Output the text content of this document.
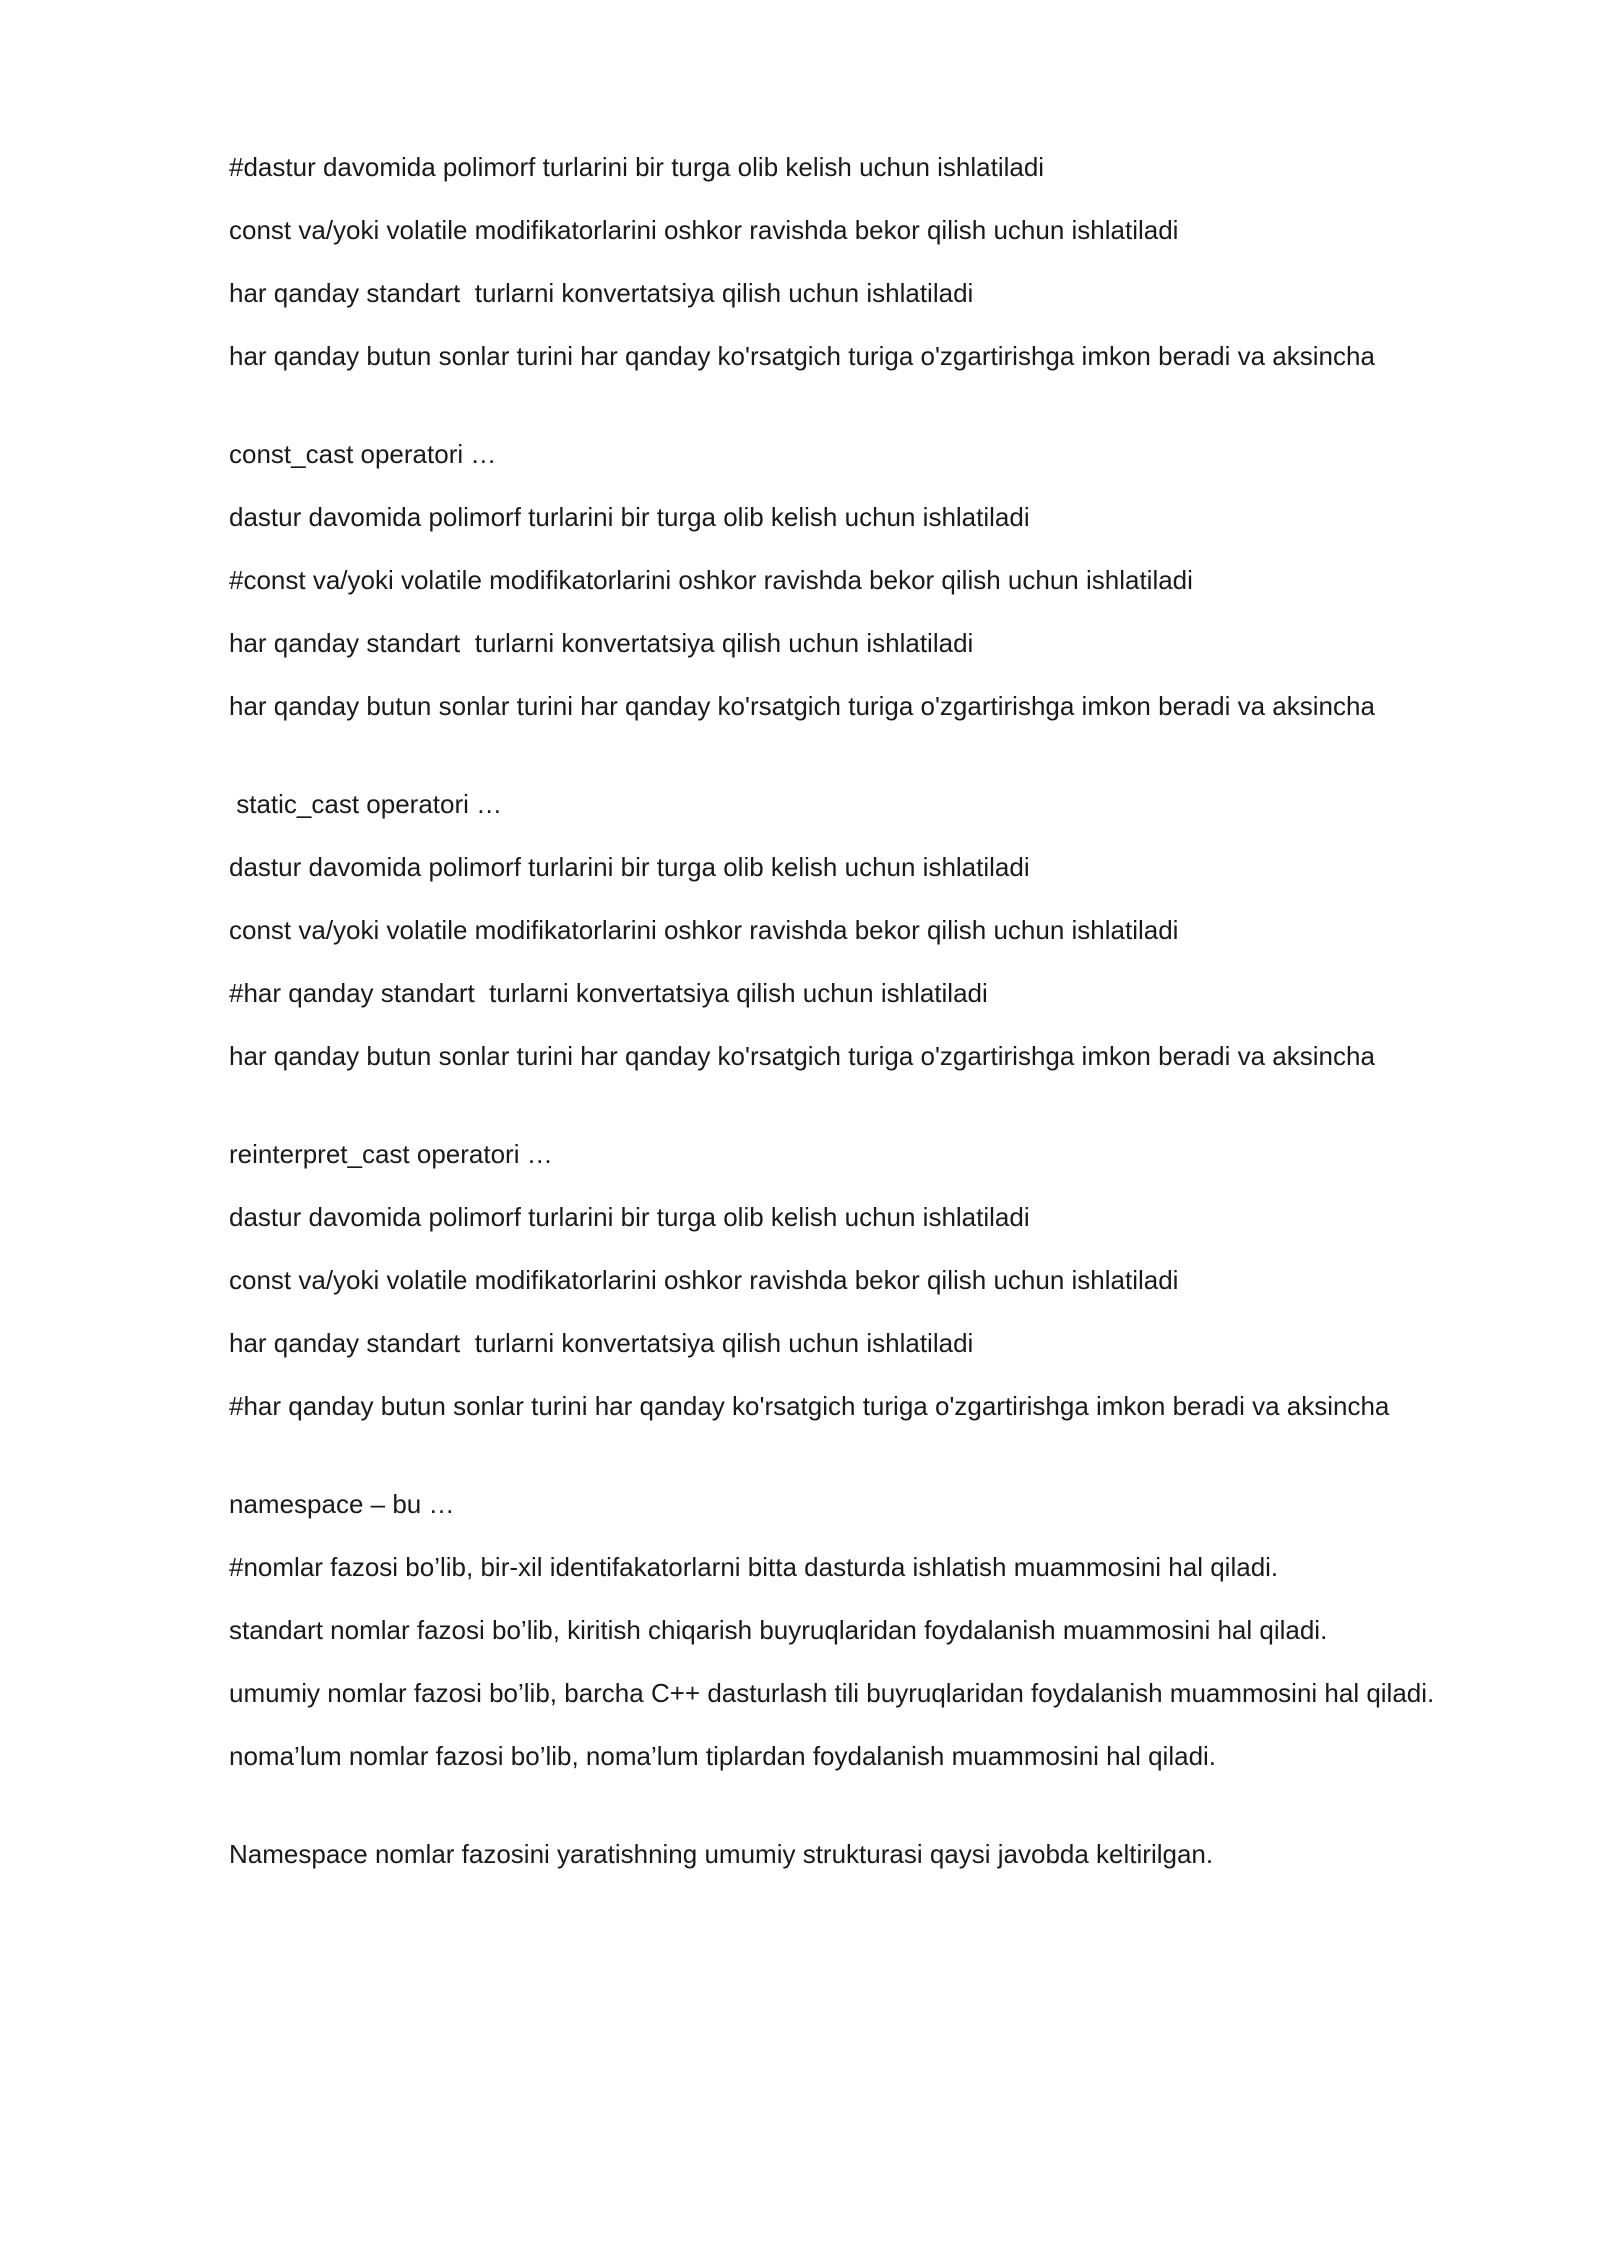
#dastur davomida polimorf turlarini bir turga olib kelish uchun ishlatiladi

const va/yoki volatile modifikatorlarini oshkor ravishda bekor qilish uchun ishlatiladi

har qanday standart  turlarni konvertatsiya qilish uchun ishlatiladi

har qanday butun sonlar turini har qanday ko'rsatgich turiga o'zgartirishga imkon beradi va aksincha

const_cast operatori …

dastur davomida polimorf turlarini bir turga olib kelish uchun ishlatiladi

#const va/yoki volatile modifikatorlarini oshkor ravishda bekor qilish uchun ishlatiladi

har qanday standart  turlarni konvertatsiya qilish uchun ishlatiladi

har qanday butun sonlar turini har qanday ko'rsatgich turiga o'zgartirishga imkon beradi va aksincha

static_cast operatori …

dastur davomida polimorf turlarini bir turga olib kelish uchun ishlatiladi

const va/yoki volatile modifikatorlarini oshkor ravishda bekor qilish uchun ishlatiladi

#har qanday standart  turlarni konvertatsiya qilish uchun ishlatiladi

har qanday butun sonlar turini har qanday ko'rsatgich turiga o'zgartirishga imkon beradi va aksincha

reinterpret_cast operatori …

dastur davomida polimorf turlarini bir turga olib kelish uchun ishlatiladi

const va/yoki volatile modifikatorlarini oshkor ravishda bekor qilish uchun ishlatiladi

har qanday standart  turlarni konvertatsiya qilish uchun ishlatiladi

#har qanday butun sonlar turini har qanday ko'rsatgich turiga o'zgartirishga imkon beradi va aksincha

namespace – bu …

#nomlar fazosi bo’lib, bir-xil identifakatorlarni bitta dasturda ishlatish muammosini hal qiladi.

standart nomlar fazosi bo’lib, kiritish chiqarish buyruqlaridan foydalanish muammosini hal qiladi.

umumiy nomlar fazosi bo’lib, barcha C++ dasturlash tili buyruqlaridan foydalanish muammosini hal qiladi.

noma’lum nomlar fazosi bo’lib, noma’lum tiplardan foydalanish muammosini hal qiladi.

Namespace nomlar fazosini yaratishning umumiy strukturasi qaysi javobda keltirilgan.
